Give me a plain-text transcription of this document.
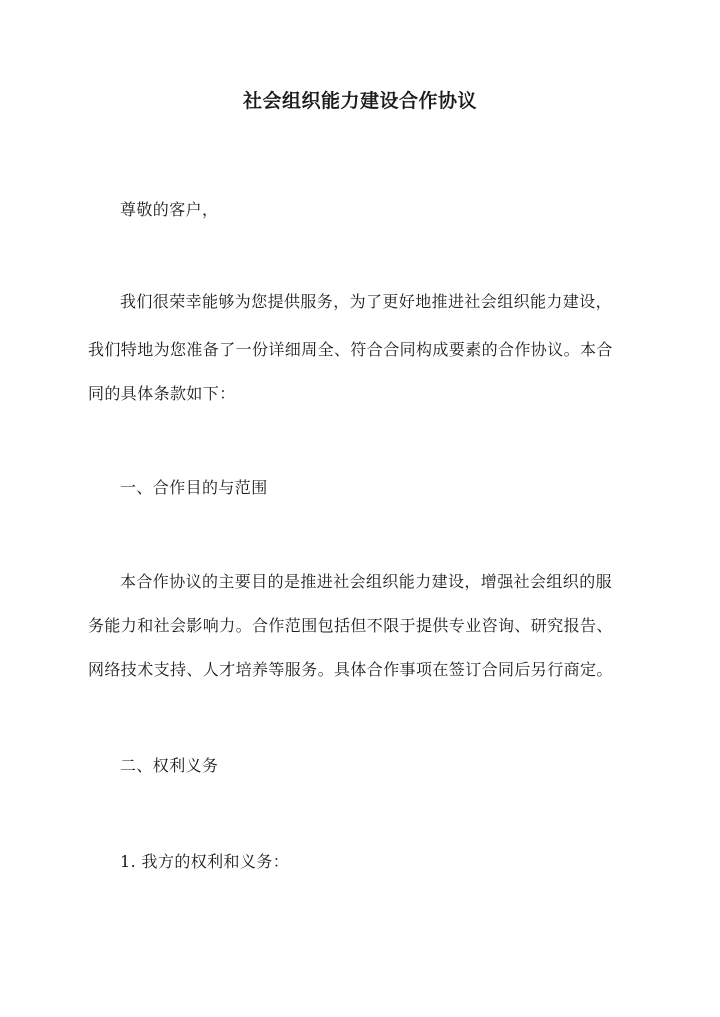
社会组织能力建设合作协议
尊敬的客户，
我们很荣幸能够为您提供服务，为了更好地推进社会组织能力建设，
我们特地为您准备了一份详细周全、符合合同构成要素的合作协议。本合
同的具体条款如下：
一、合作目的与范围
本合作协议的主要目的是推进社会组织能力建设，增强社会组织的服
务能力和社会影响力。合作范围包括但不限于提供专业咨询、研究报告、
网络技术支持、人才培养等服务。具体合作事项在签订合同后另行商定。
二、权利义务
1. 我方的权利和义务：
